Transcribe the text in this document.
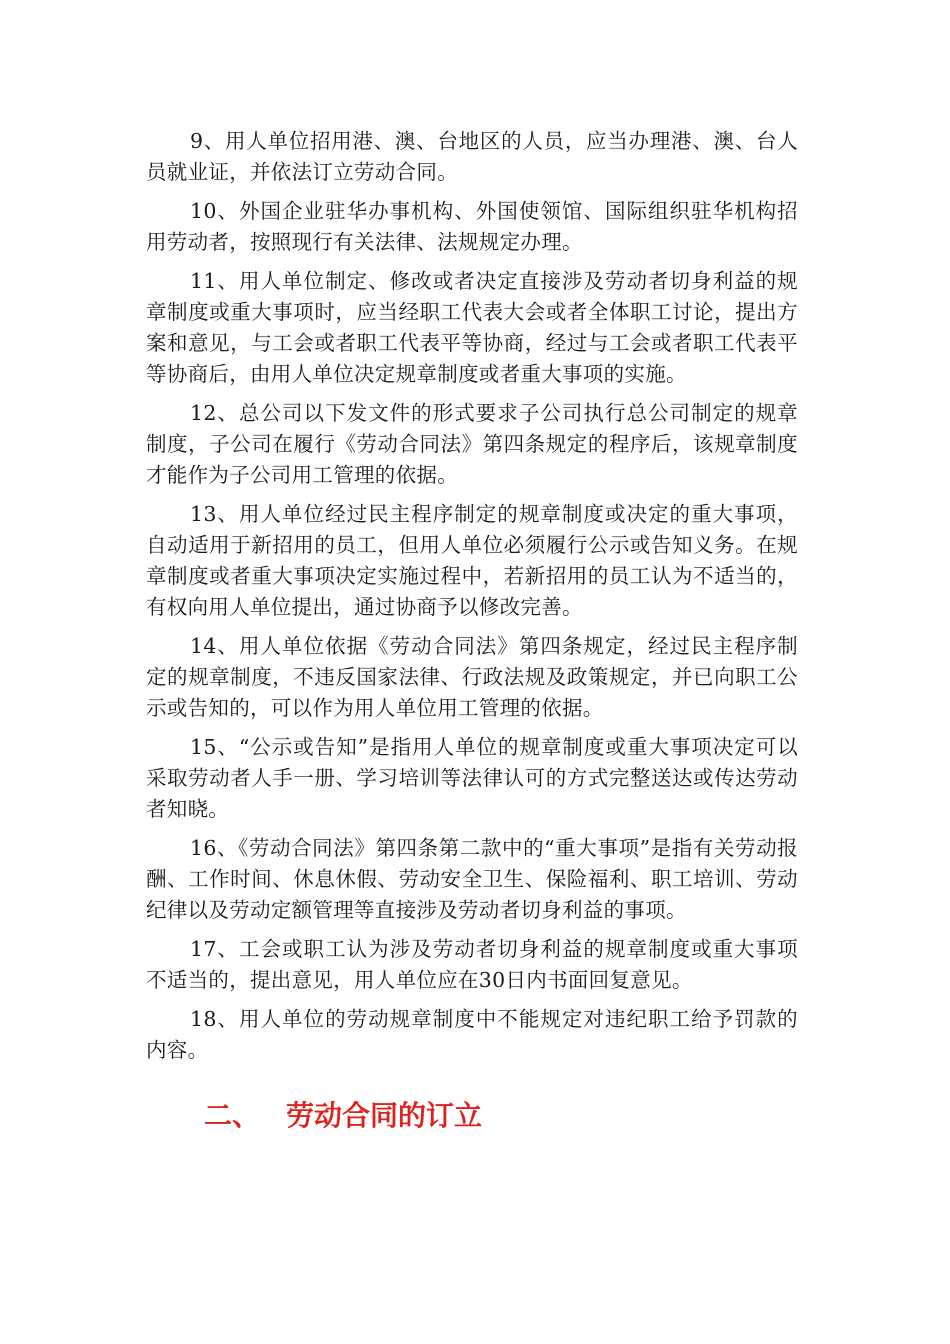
9、用人单位招用港、澳、台地区的人员，应当办理港、澳、台人员就业证，并依法订立劳动合同。

10、外国企业驻华办事机构、外国使领馆、国际组织驻华机构招用劳动者，按照现行有关法律、法规规定办理。

11、用人单位制定、修改或者决定直接涉及劳动者切身利益的规章制度或重大事项时，应当经职工代表大会或者全体职工讨论，提出方案和意见，与工会或者职工代表平等协商，经过与工会或者职工代表平等协商后，由用人单位决定规章制度或者重大事项的实施。

12、总公司以下发文件的形式要求子公司执行总公司制定的规章制度，子公司在履行《劳动合同法》第四条规定的程序后，该规章制度才能作为子公司用工管理的依据。

13、用人单位经过民主程序制定的规章制度或决定的重大事项，自动适用于新招用的员工，但用人单位必须履行公示或告知义务。在规章制度或者重大事项决定实施过程中，若新招用的员工认为不适当的，有权向用人单位提出，通过协商予以修改完善。

14、用人单位依据《劳动合同法》第四条规定，经过民主程序制定的规章制度，不违反国家法律、行政法规及政策规定，并已向职工公示或告知的，可以作为用人单位用工管理的依据。

15、“公示或告知”是指用人单位的规章制度或重大事项决定可以采取劳动者人手一册、学习培训等法律认可的方式完整送达或传达劳动者知晓。

16、《劳动合同法》第四条第二款中的“重大事项”是指有关劳动报酬、工作时间、休息休假、劳动安全卫生、保险福利、职工培训、劳动纪律以及劳动定额管理等直接涉及劳动者切身利益的事项。

17、工会或职工认为涉及劳动者切身利益的规章制度或重大事项不适当的，提出意见，用人单位应在30日内书面回复意见。

18、用人单位的劳动规章制度中不能规定对违纪职工给予罚款的内容。

二、 劳动合同的订立
